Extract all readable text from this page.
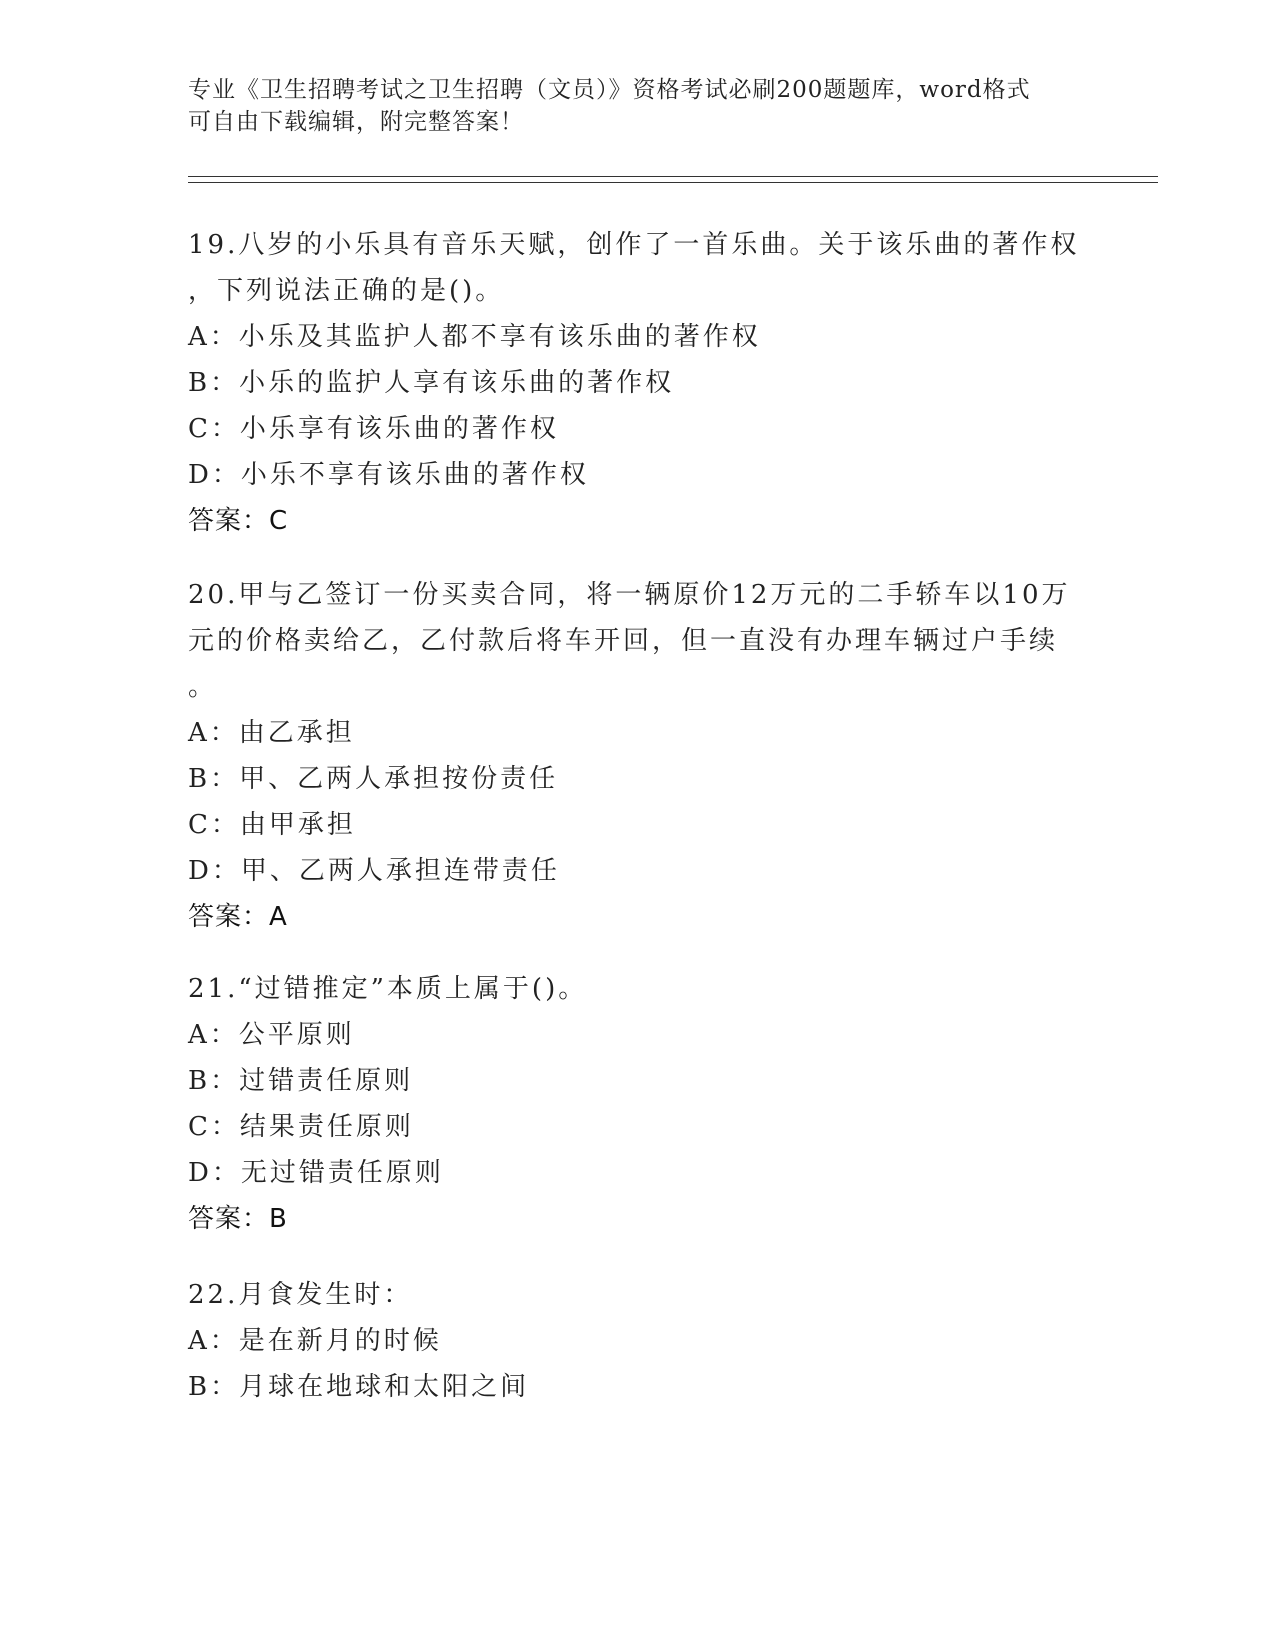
专业《卫生招聘考试之卫生招聘（文员）》资格考试必刷200题题库，word格式
可自由下载编辑，附完整答案！
19.八岁的小乐具有音乐天赋，创作了一首乐曲。关于该乐曲的著作权
，下列说法正确的是()。
A：小乐及其监护人都不享有该乐曲的著作权
B：小乐的监护人享有该乐曲的著作权
C：小乐享有该乐曲的著作权
D：小乐不享有该乐曲的著作权
答案：C
20.甲与乙签订一份买卖合同，将一辆原价12万元的二手轿车以10万
元的价格卖给乙，乙付款后将车开回，但一直没有办理车辆过户手续
。
A：由乙承担
B：甲、乙两人承担按份责任
C：由甲承担
D：甲、乙两人承担连带责任
答案：A
21.“过错推定”本质上属于()。
A：公平原则
B：过错责任原则
C：结果责任原则
D：无过错责任原则
答案：B
22.月食发生时：
A：是在新月的时候
B：月球在地球和太阳之间
